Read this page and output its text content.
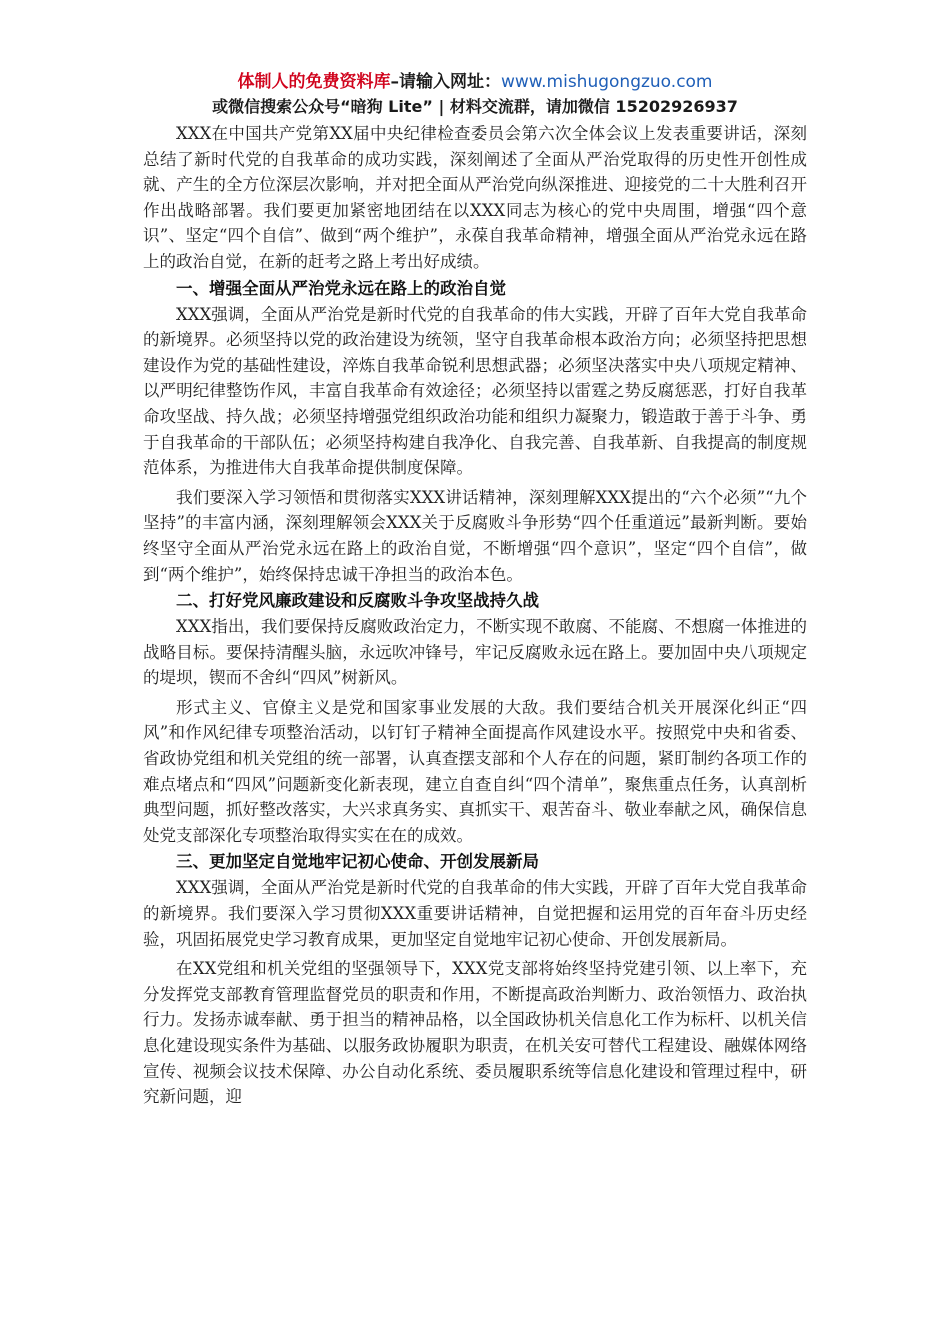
体制人的免费资料库–请输入网址：www.mishugongzuo.com
或微信搜索公众号“暗狗 Lite” | 材料交流群，请加微信 15202926937

XXX在中国共产党第XX届中央纪律检查委员会第六次全体会议上发表重要讲话，深刻总结了新时代党的自我革命的成功实践，深刻阐述了全面从严治党取得的历史性开创性成就、产生的全方位深层次影响，并对把全面从严治党向纵深推进、迎接党的二十大胜利召开作出战略部署。我们要更加紧密地团结在以XXX同志为核心的党中央周围，增强“四个意识”、坚定“四个自信”、做到“两个维护”，永葆自我革命精神，增强全面从严治党永远在路上的政治自觉，在新的赶考之路上考出好成绩。

一、增强全面从严治党永远在路上的政治自觉

XXX强调，全面从严治党是新时代党的自我革命的伟大实践，开辟了百年大党自我革命的新境界。必须坚持以党的政治建设为统领，坚守自我革命根本政治方向；必须坚持把思想建设作为党的基础性建设，淬炼自我革命锐利思想武器；必须坚决落实中央八项规定精神、以严明纪律整饬作风，丰富自我革命有效途径；必须坚持以雷霆之势反腐惩恶，打好自我革命攻坚战、持久战；必须坚持增强党组织政治功能和组织力凝聚力，锻造敢于善于斗争、勇于自我革命的干部队伍；必须坚持构建自我净化、自我完善、自我革新、自我提高的制度规范体系，为推进伟大自我革命提供制度保障。

我们要深入学习领悟和贯彻落实XXX讲话精神，深刻理解XXX提出的“六个必须”“九个坚持”的丰富内涵，深刻理解领会XXX关于反腐败斗争形势“四个任重道远”最新判断。要始终坚守全面从严治党永远在路上的政治自觉，不断增强“四个意识”，坚定“四个自信”，做到“两个维护”，始终保持忠诚干净担当的政治本色。

二、打好党风廉政建设和反腐败斗争攻坚战持久战

XXX指出，我们要保持反腐败政治定力，不断实现不敢腐、不能腐、不想腐一体推进的战略目标。要保持清醒头脑，永远吹冲锋号，牢记反腐败永远在路上。要加固中央八项规定的堤坝，锲而不舍纠“四风”树新风。

形式主义、官僚主义是党和国家事业发展的大敌。我们要结合机关开展深化纠正“四风”和作风纪律专项整治活动，以钉钉子精神全面提高作风建设水平。按照党中央和省委、省政协党组和机关党组的统一部署，认真查摆支部和个人存在的问题，紧盯制约各项工作的难点堵点和“四风”问题新变化新表现，建立自查自纠“四个清单”，聚焦重点任务，认真剖析典型问题，抓好整改落实，大兴求真务实、真抓实干、艰苦奋斗、敬业奉献之风，确保信息处党支部深化专项整治取得实实在在的成效。

三、更加坚定自觉地牢记初心使命、开创发展新局

XXX强调，全面从严治党是新时代党的自我革命的伟大实践，开辟了百年大党自我革命的新境界。我们要深入学习贯彻XXX重要讲话精神，自觉把握和运用党的百年奋斗历史经验，巩固拓展党史学习教育成果，更加坚定自觉地牢记初心使命、开创发展新局。

在XX党组和机关党组的坚强领导下，XXX党支部将始终坚持党建引领、以上率下，充分发挥党支部教育管理监督党员的职责和作用，不断提高政治判断力、政治领悟力、政治执行力。发扬赤诚奉献、勇于担当的精神品格，以全国政协机关信息化工作为标杆、以机关信息化建设现实条件为基础、以服务政协履职为职责，在机关安可替代工程建设、融媒体网络宣传、视频会议技术保障、办公自动化系统、委员履职系统等信息化建设和管理过程中，研究新问题，迎
